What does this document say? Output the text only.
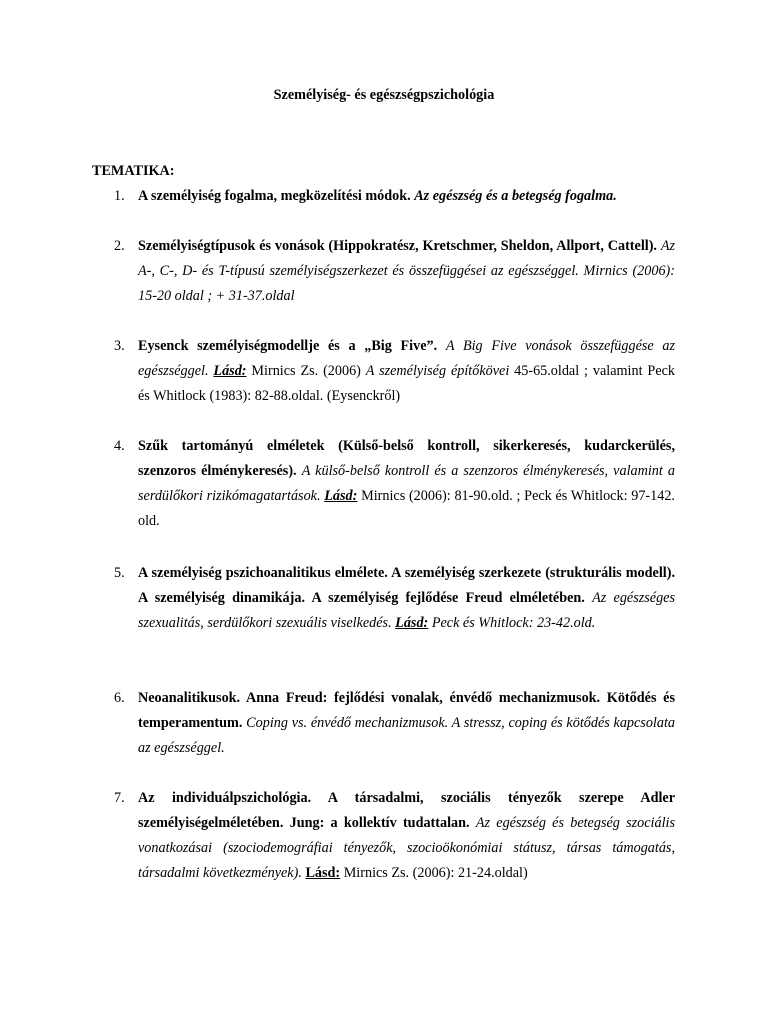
Személyiség- és egészségpszichológia
TEMATIKA:
1. A személyiség fogalma, megközelítési módok. Az egészség és a betegség fogalma.
2. Személyiségtípusok és vonások (Hippokratész, Kretschmer, Sheldon, Allport, Cattell). Az A-, C-, D- és T-típusú személyiségszerkezet és összefüggései az egészséggel. Mirnics (2006): 15-20 oldal ; + 31-37.oldal
3. Eysenck személyiségmodellje és a „Big Five”. A Big Five vonások összefüggése az egészséggel. Lásd: Mirnics Zs. (2006) A személyiség építőkövei 45-65.oldal ; valamint Peck és Whitlock (1983): 82-88.oldal. (Eysenckről)
4. Szűk tartományú elméletek (Külső-belső kontroll, sikerkeresés, kudarckerülés, szenzoros élménykeresés). A külső-belső kontroll és a szenzoros élménykeresés, valamint a serdülőkori rizikómagatartások. Lásd: Mirnics (2006): 81-90.old. ; Peck és Whitlock: 97-142. old.
5. A személyiség pszichoanalitikus elmélete. A személyiség szerkezete (strukturális modell). A személyiség dinamikája. A személyiség fejlődése Freud elméletében. Az egészséges szexualitás, serdülőkori szexuális viselkedés. Lásd: Peck és Whitlock: 23-42.old.
6. Neoanalitikusok. Anna Freud: fejlődési vonalak, énvédő mechanizmusok. Kötődés és temperamentum. Coping vs. énvédő mechanizmusok. A stressz, coping és kötődés kapcsolata az egészséggel.
7. Az individuálpszichológia. A társadalmi, szociális tényezők szerepe Adler személyiségelméletében. Jung: a kollektív tudattalan. Az egészség és betegség szociális vonatkozásai (szociodemográfiai tényezők, szocioökonómiai státusz, társas támogatás, társadalmi következmények). Lásd: Mirnics Zs. (2006): 21-24.oldal)
